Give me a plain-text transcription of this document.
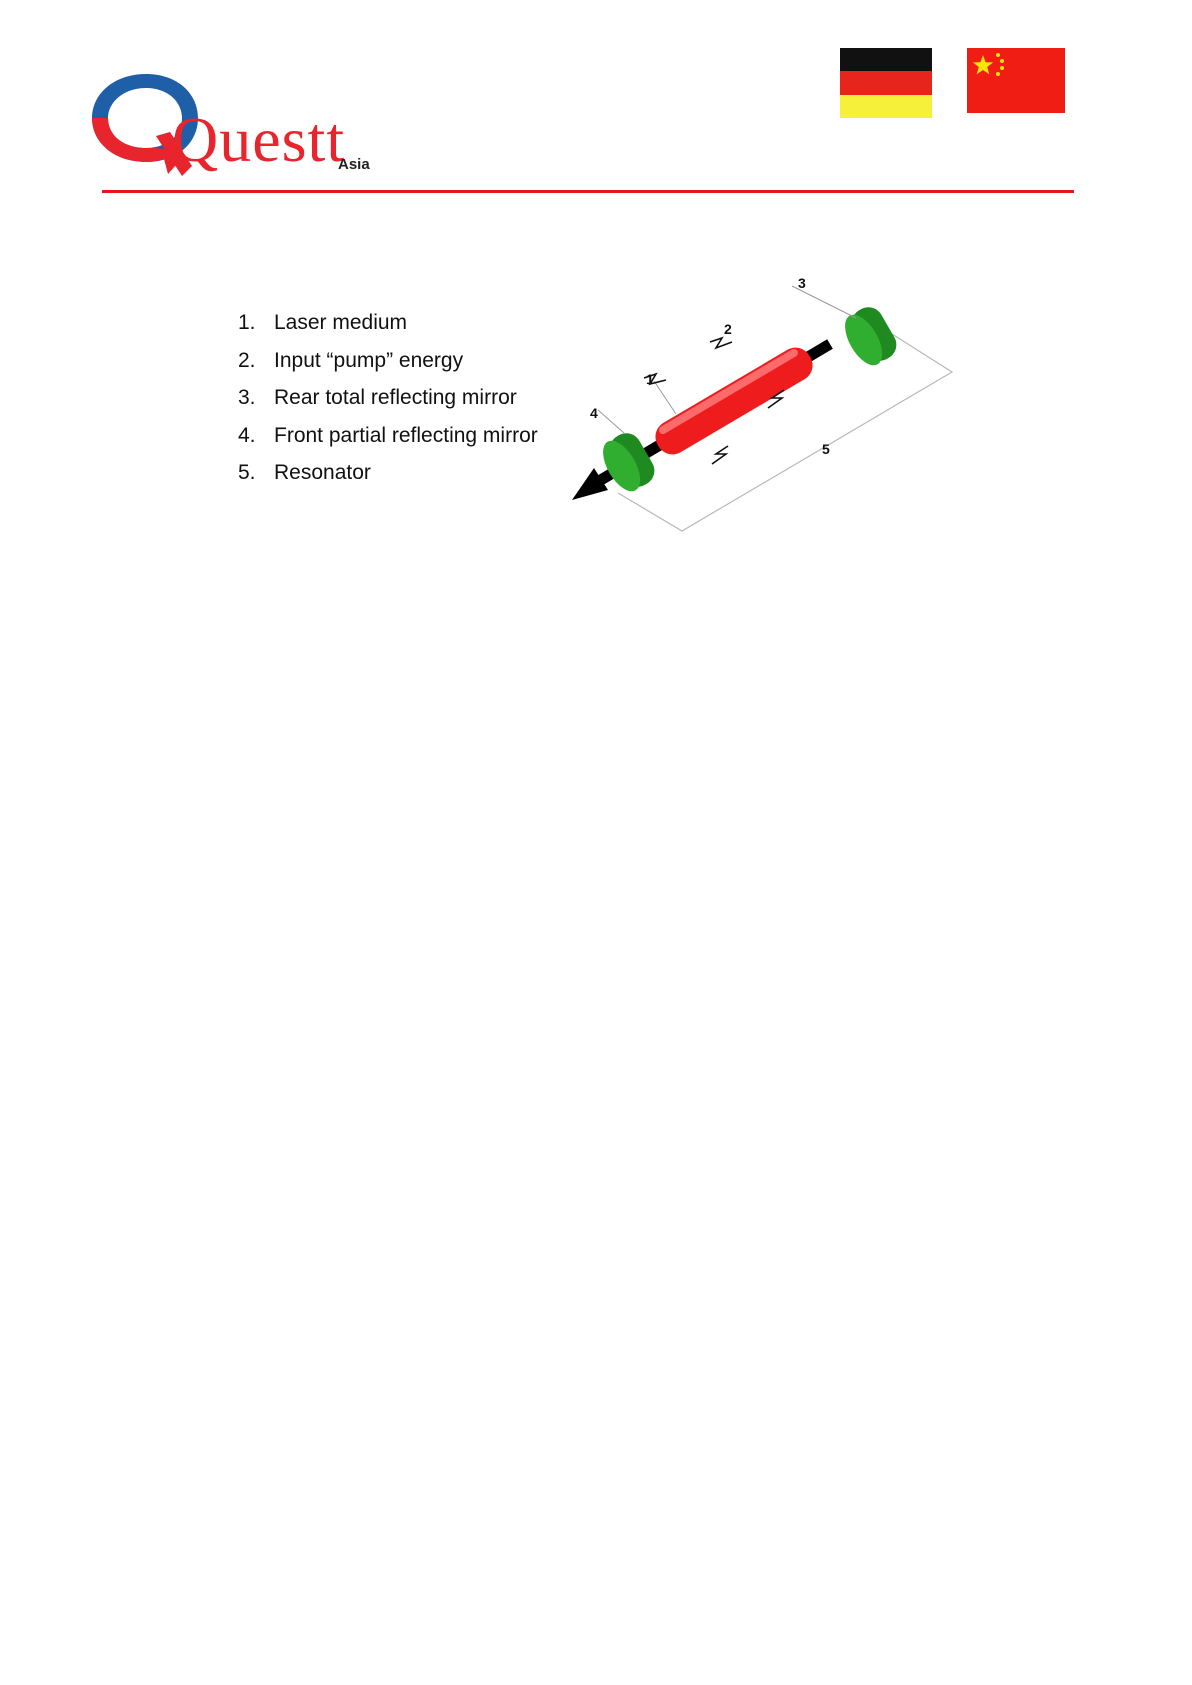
Questt
Asia
1. Laser medium
2. Input “pump” energy
3. Rear total reflecting mirror
4. Front partial reflecting mirror
5. Resonator
4
1
2
3
5
